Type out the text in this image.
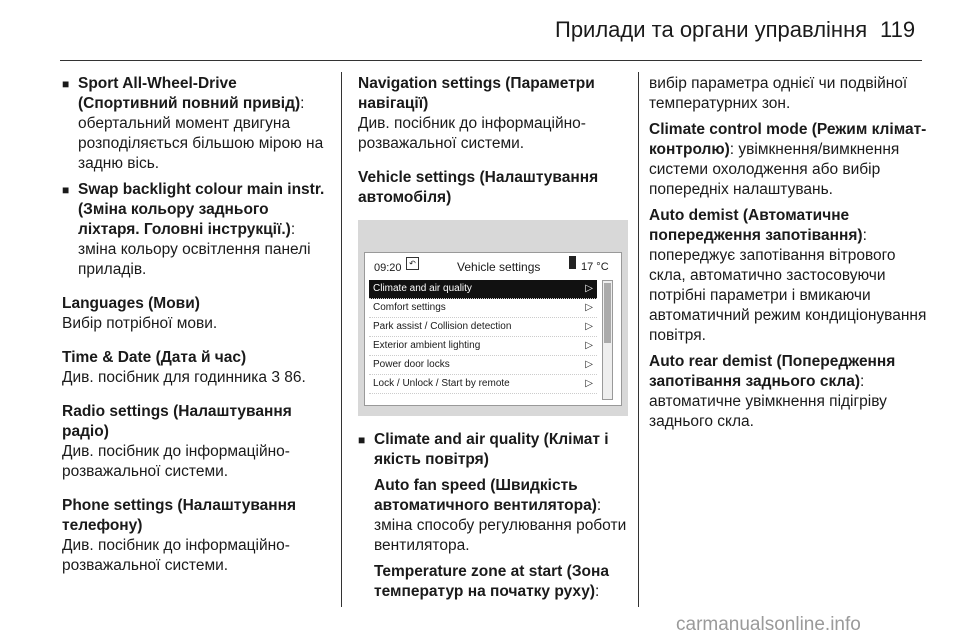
Прилади та органи управління 119

■ Sport All-Wheel-Drive (Спортивний повний привід): обертальний момент двигуна розподіляється більшою мірою на задню вісь.

■ Swap backlight colour main instr. (Зміна кольору заднього ліхтаря. Головні інструкції.): зміна кольору освітлення панелі приладів.

Languages (Мови)

Вибір потрібної мови.

Time & Date (Дата й час)

Див. посібник для годинника 3 86.

Radio settings (Налаштування радіо)

Див. посібник до інформаційно-розважальної системи.

Phone settings (Налаштування телефону)

Див. посібник до інформаційно-розважальної системи.

Navigation settings (Параметри навігації)

Див. посібник до інформаційно-розважальної системи.

Vehicle settings (Налаштування автомобіля)

09:20 ↶	Vehicle settings	17 °C
Climate and air quality	▷
Comfort settings	▷
Park assist / Collision detection	▷
Exterior ambient lighting	▷
Power door locks	▷
Lock / Unlock / Start by remote	▷

■ Climate and air quality (Клімат і якість повітря)

Auto fan speed (Швидкість автоматичного вентилятора): зміна способу регулювання роботи вентилятора.

Temperature zone at start (Зона температур на початку руху):

вибір параметра однієї чи подвійної температурних зон.

Climate control mode (Режим клімат-контролю): увімкнення/вимкнення системи охолодження або вибір попередніх налаштувань.

Auto demist (Автоматичне попередження запотівання): попереджує запотівання вітрового скла, автоматично застосовуючи потрібні параметри і вмикаючи автоматичний режим кондиціонування повітря.

Auto rear demist (Попередження запотівання заднього скла): автоматичне увімкнення підігріву заднього скла.

carmanualsonline.info
